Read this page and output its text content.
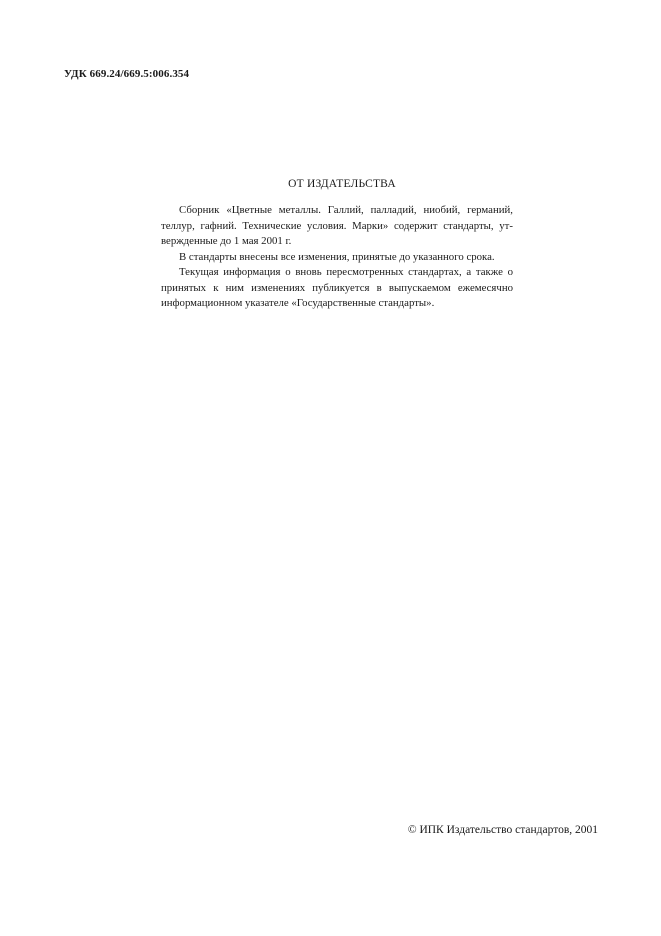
УДК 669.24/669.5:006.354
ОТ ИЗДАТЕЛЬСТВА

Сборник «Цветные металлы. Галлий, палладий, ниобий, германий,
теллур, гафний. Технические условия. Марки» содержит стандарты, ут-
вержденные до 1 мая 2001 г.

В стандарты внесены все изменения, принятые до указанного срока.

Текущая информация о вновь пересмотренных стандартах, а также о
принятых к ним изменениях публикуется в выпускаемом ежемесячно
информационном указателе «Государственные стандарты».

© ИПК Издательство стандартов, 2001
